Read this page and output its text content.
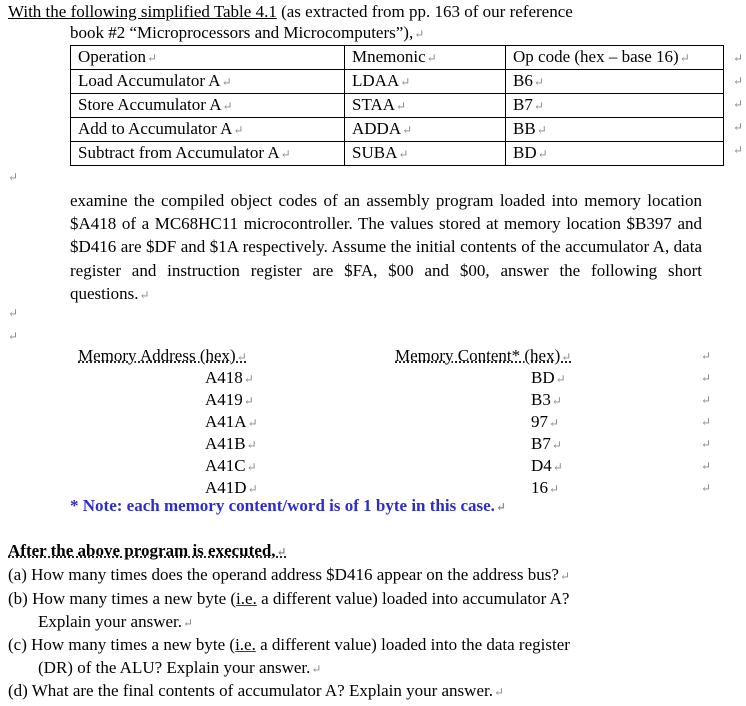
With the following simplified Table 4.1 (as extracted from pp. 163 of our reference
book #2 “Microprocessors and Microcomputers”),↵
Operation↵	Mnemonic↵	Op code (hex – base 16)↵
Load Accumulator A↵	LDAA↵	B6↵
Store Accumulator A↵	STAA↵	B7↵
Add to Accumulator A↵	ADDA↵	BB↵
Subtract from Accumulator A↵	SUBA↵	BD↵
↵
↵
↵
↵
↵
↵
examine the compiled object codes of an assembly program loaded into memory location $A418 of a MC68HC11 microcontroller. The values stored at memory location $B397 and $D416 are $DF and $1A respectively. Assume the initial contents of the accumulator A, data register and instruction register are $FA, $00 and $00, answer the following short questions.↵
↵
↵
Memory Address (hex)↵	Memory Content* (hex)↵	↵
A418↵	BD↵	↵
A419↵	B3↵	↵
A41A↵	97↵	↵
A41B↵	B7↵	↵
A41C↵	D4↵	↵
A41D↵	16↵	↵
* Note: each memory content/word is of 1 byte in this case.↵
After the above program is executed,↵
(a) How many times does the operand address $D416 appear on the address bus?↵
(b) How many times a new byte (i.e. a different value) loaded into accumulator A?
Explain your answer.↵
(c) How many times a new byte (i.e. a different value) loaded into the data register
(DR) of the ALU? Explain your answer.↵
(d) What are the final contents of accumulator A? Explain your answer.↵
